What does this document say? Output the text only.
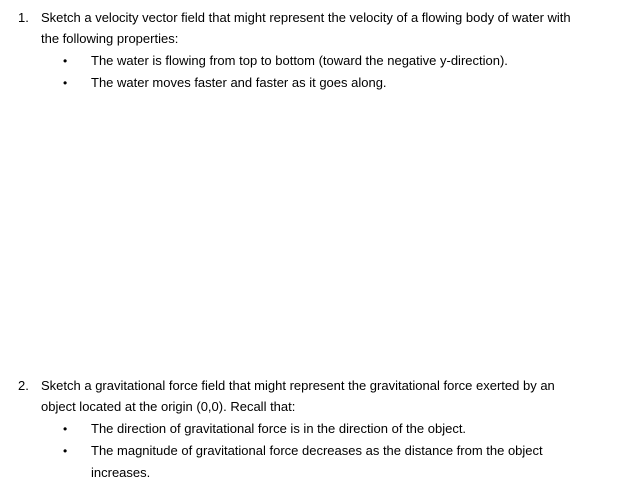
1. Sketch a velocity vector field that might represent the velocity of a flowing body of water with
the following properties:
• The water is flowing from top to bottom (toward the negative y-direction).
• The water moves faster and faster as it goes along.
2. Sketch a gravitational force field that might represent the gravitational force exerted by an
object located at the origin (0,0). Recall that:
• The direction of gravitational force is in the direction of the object.
• The magnitude of gravitational force decreases as the distance from the object increases.
